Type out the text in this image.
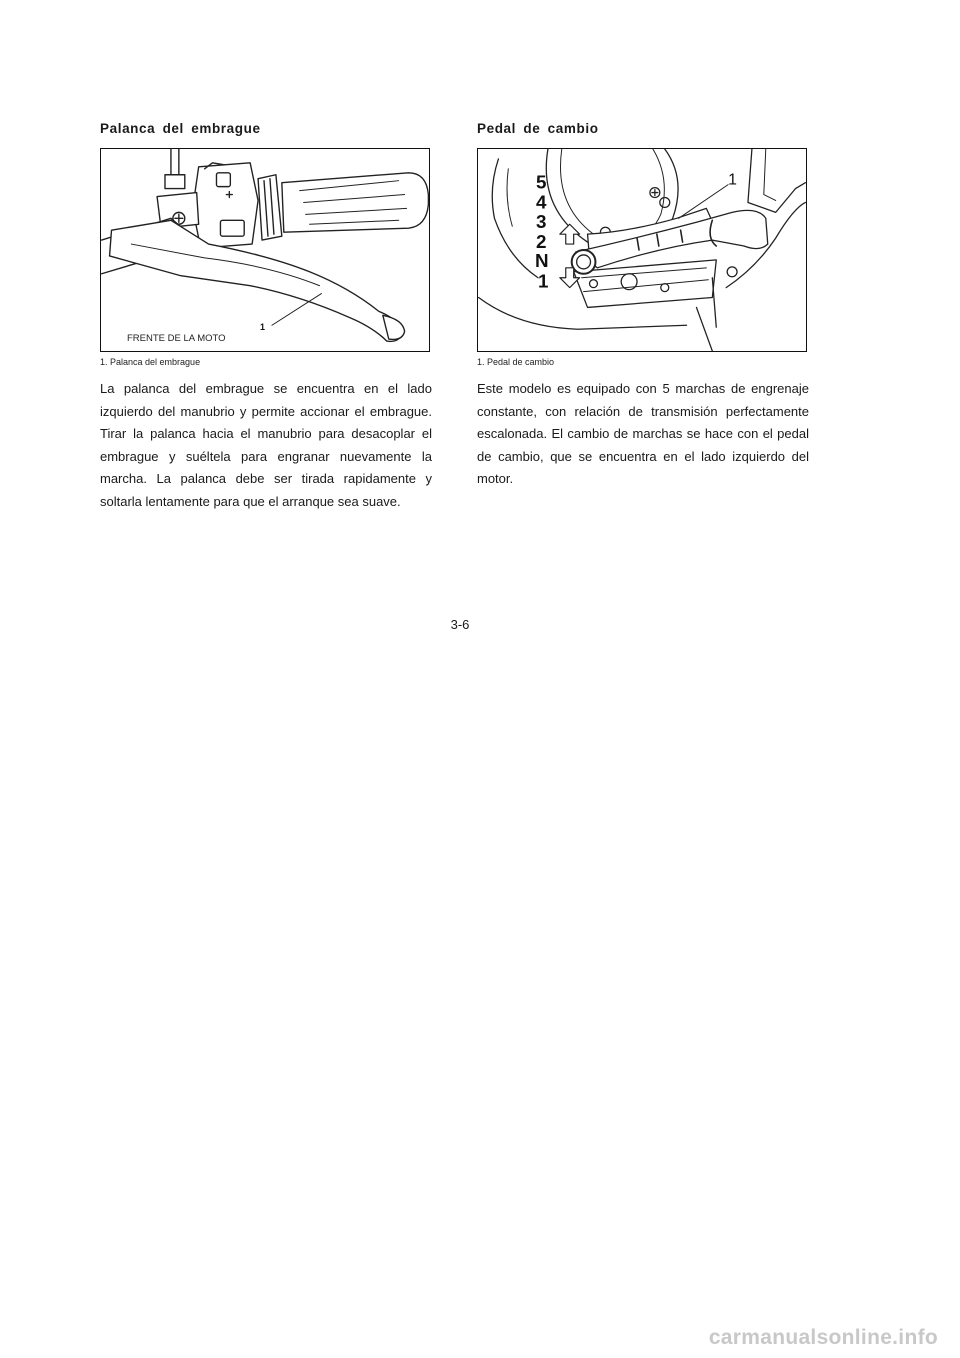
Palanca del embrague
1
FRENTE DE LA MOTO
1. Palanca del embrague
La palanca del embrague se encuentra en el lado izquierdo del manubrio y permite accionar el embrague. Tirar la palanca hacia el manubrio para desacoplar el embrague y suéltela para engranar nuevamente la marcha. La palanca debe ser tirada rapidamente y soltarla lentamente para que el arranque sea suave.
Pedal de cambio
5
4
3
2
N
1
1
1. Pedal de cambio
Este modelo es equipado con 5 marchas de engrenaje constante, con relación de transmisión perfectamente escalonada. El cambio de marchas se hace con el pedal de cambio, que se encuentra en el lado izquierdo del motor.
3-6
carmanualsonline.info
